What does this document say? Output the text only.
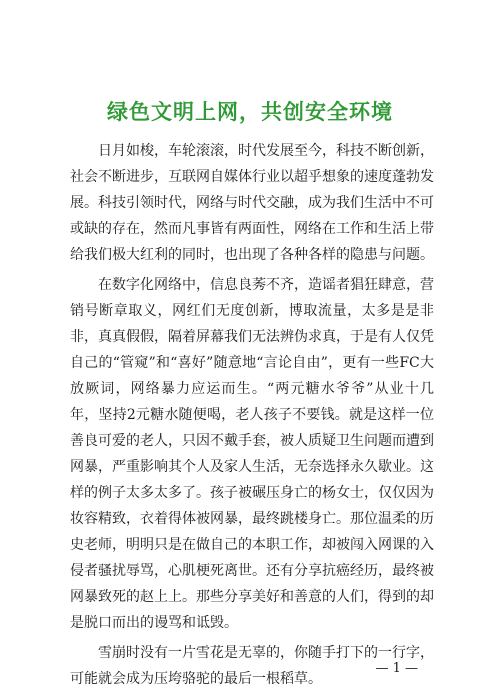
绿色文明上网，共创安全环境

日月如梭，车轮滚滚，时代发展至今，科技不断创新，社会不断进步，互联网自媒体行业以超乎想象的速度蓬勃发展。科技引领时代，网络与时代交融，成为我们生活中不可或缺的存在，然而凡事皆有两面性，网络在工作和生活上带给我们极大红利的同时，也出现了各种各样的隐患与问题。

在数字化网络中，信息良莠不齐，造谣者猖狂肆意，营销号断章取义，网红们无度创新，博取流量，太多是是非非，真真假假，隔着屏幕我们无法辨伪求真，于是有人仅凭自己的“管窥”和“喜好”随意地“言论自由”，更有一些FC大放厥词，网络暴力应运而生。“两元糖水爷爷”从业十几年，坚持2元糖水随便喝，老人孩子不要钱。就是这样一位善良可爱的老人，只因不戴手套，被人质疑卫生问题而遭到网暴，严重影响其个人及家人生活，无奈选择永久歇业。这样的例子太多太多了。孩子被碾压身亡的杨女士，仅仅因为妆容精致，衣着得体被网暴，最终跳楼身亡。那位温柔的历史老师，明明只是在做自己的本职工作，却被闯入网课的入侵者骚扰辱骂，心肌梗死离世。还有分享抗癌经历，最终被网暴致死的赵上上。那些分享美好和善意的人们，得到的却是脱口而出的谩骂和诋毁。

雪崩时没有一片雪花是无辜的，你随手打下的一行字，可能就会成为压垮骆驼的最后一根稻草。

— 1 —
